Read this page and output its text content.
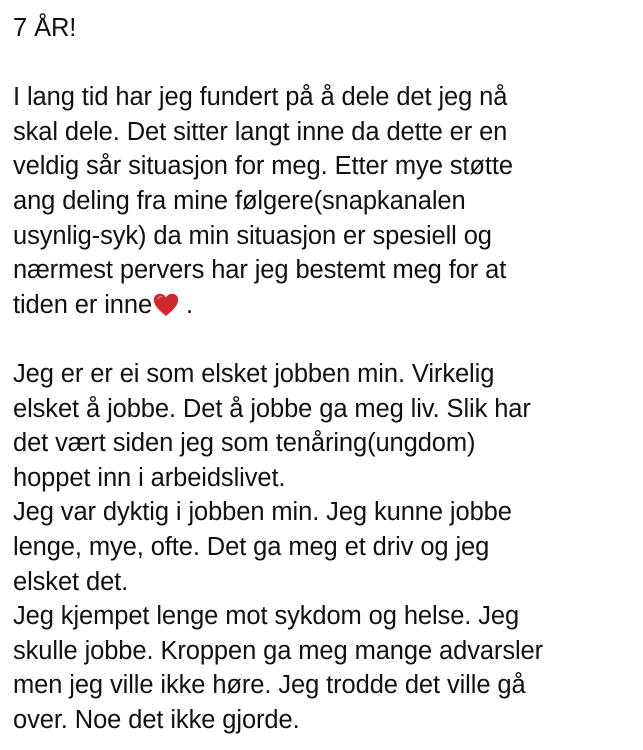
7 ÅR!
I lang tid har jeg fundert på å dele det jeg nå
skal dele. Det sitter langt inne da dette er en
veldig sår situasjon for meg. Etter mye støtte
ang deling fra mine følgere(snapkanalen
usynlig-syk) da min situasjon er spesiell og
nærmest pervers har jeg bestemt meg for at
tiden er inne .
Jeg er er ei som elsket jobben min. Virkelig
elsket å jobbe. Det å jobbe ga meg liv. Slik har
det vært siden jeg som tenåring(ungdom)
hoppet inn i arbeidslivet.
Jeg var dyktig i jobben min. Jeg kunne jobbe
lenge, mye, ofte. Det ga meg et driv og jeg
elsket det.
Jeg kjempet lenge mot sykdom og helse. Jeg
skulle jobbe. Kroppen ga meg mange advarsler
men jeg ville ikke høre. Jeg trodde det ville gå
over. Noe det ikke gjorde.
